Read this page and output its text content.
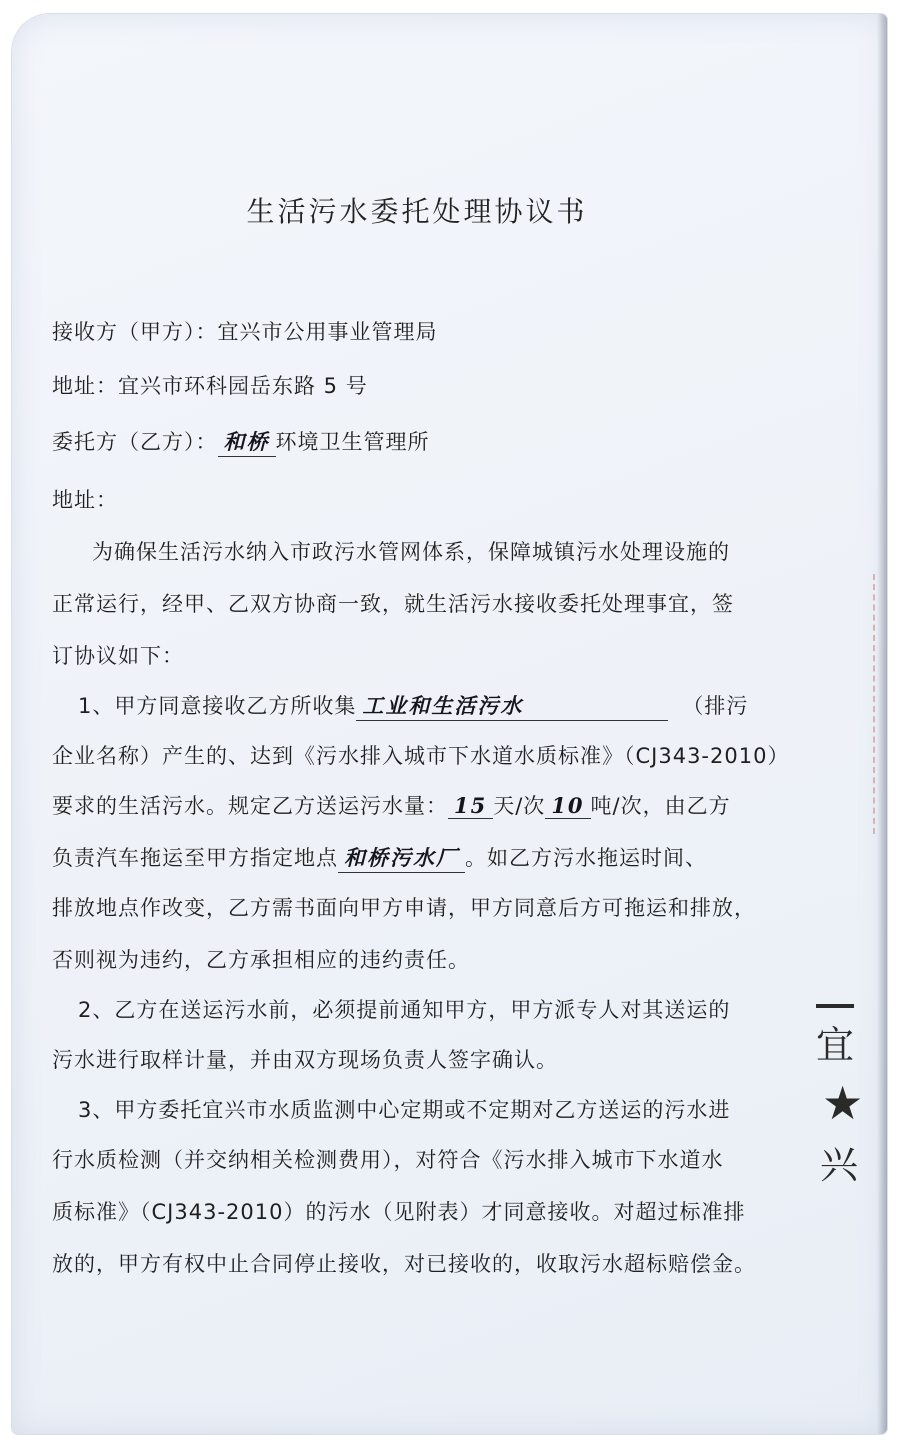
生活污水委托处理协议书
接收方（甲方）：宜兴市公用事业管理局
地址：宜兴市环科园岳东路 5 号
委托方（乙方）： 和桥 环境卫生管理所
地址：
为确保生活污水纳入市政污水管网体系，保障城镇污水处理设施的
正常运行，经甲、乙双方协商一致，就生活污水接收委托处理事宜，签
订协议如下：
1、甲方同意接收乙方所收集 工业和生活污水	（排污
企业名称）产生的、达到《污水排入城市下水道水质标准》（CJ343-2010）
要求的生活污水。规定乙方送运污水量： 15 天/次 10 吨/次，由乙方
负责汽车拖运至甲方指定地点 和桥污水厂 。如乙方污水拖运时间、
排放地点作改变，乙方需书面向甲方申请，甲方同意后方可拖运和排放，
否则视为违约，乙方承担相应的违约责任。
2、乙方在送运污水前，必须提前通知甲方，甲方派专人对其送运的
污水进行取样计量，并由双方现场负责人签字确认。
3、甲方委托宜兴市水质监测中心定期或不定期对乙方送运的污水进
行水质检测（并交纳相关检测费用），对符合《污水排入城市下水道水
质标准》（CJ343-2010）的污水（见附表）才同意接收。对超过标准排
放的，甲方有权中止合同停止接收，对已接收的，收取污水超标赔偿金。
宜
★
兴
